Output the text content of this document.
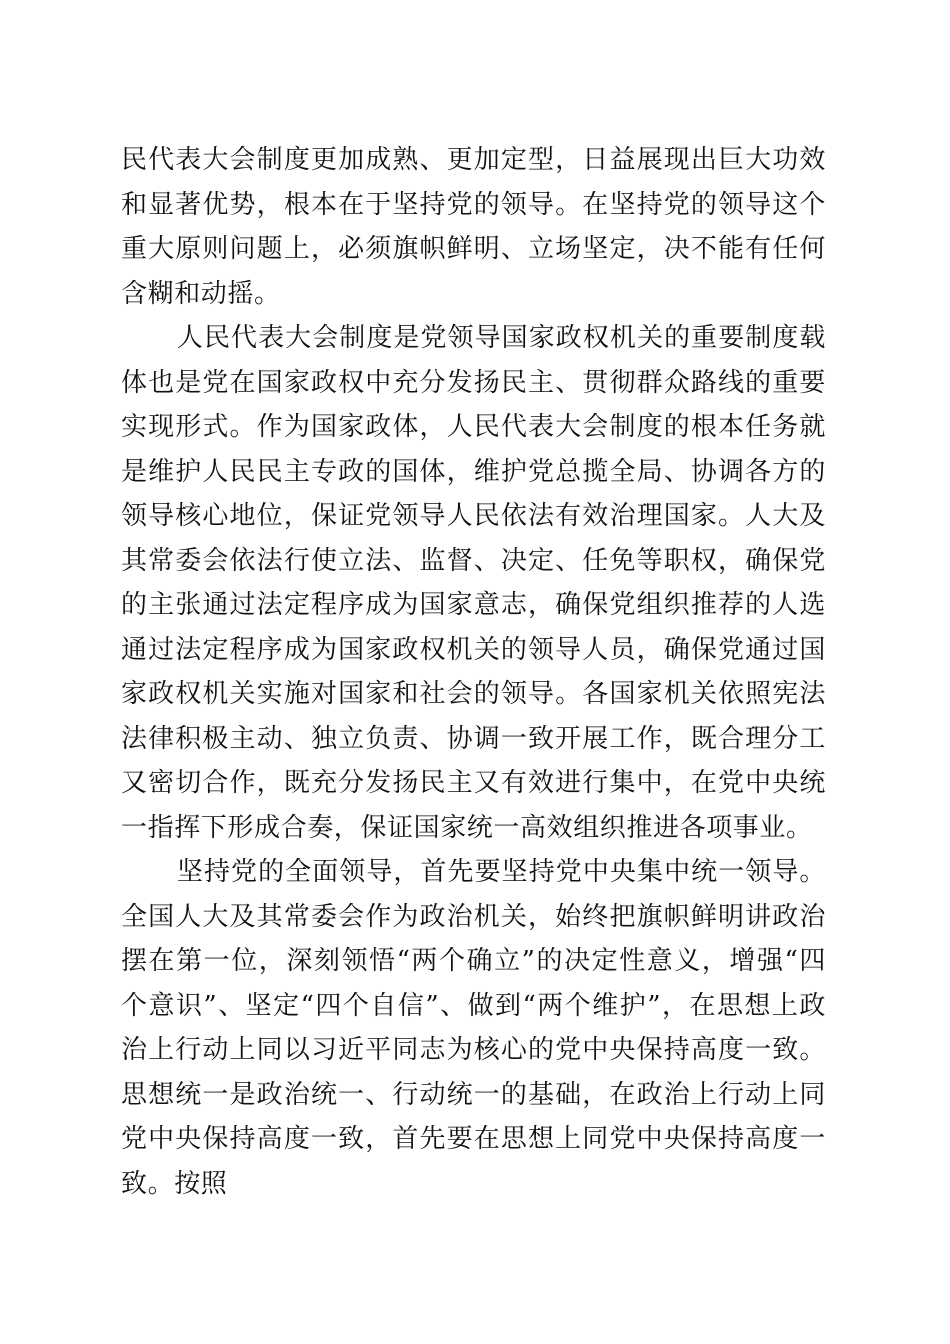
民代表大会制度更加成熟、更加定型，日益展现出巨大功效和显著优势，根本在于坚持党的领导。在坚持党的领导这个重大原则问题上，必须旗帜鲜明、立场坚定，决不能有任何含糊和动摇。

人民代表大会制度是党领导国家政权机关的重要制度载体也是党在国家政权中充分发扬民主、贯彻群众路线的重要实现形式。作为国家政体，人民代表大会制度的根本任务就是维护人民民主专政的国体，维护党总揽全局、协调各方的领导核心地位，保证党领导人民依法有效治理国家。人大及其常委会依法行使立法、监督、决定、任免等职权，确保党的主张通过法定程序成为国家意志，确保党组织推荐的人选通过法定程序成为国家政权机关的领导人员，确保党通过国家政权机关实施对国家和社会的领导。各国家机关依照宪法法律积极主动、独立负责、协调一致开展工作，既合理分工又密切合作，既充分发扬民主又有效进行集中，在党中央统一指挥下形成合奏，保证国家统一高效组织推进各项事业。

坚持党的全面领导，首先要坚持党中央集中统一领导。全国人大及其常委会作为政治机关，始终把旗帜鲜明讲政治摆在第一位，深刻领悟“两个确立”的决定性意义，增强“四个意识”、坚定“四个自信”、做到“两个维护”，在思想上政治上行动上同以习近平同志为核心的党中央保持高度一致。思想统一是政治统一、行动统一的基础，在政治上行动上同党中央保持高度一致，首先要在思想上同党中央保持高度一致。按照
